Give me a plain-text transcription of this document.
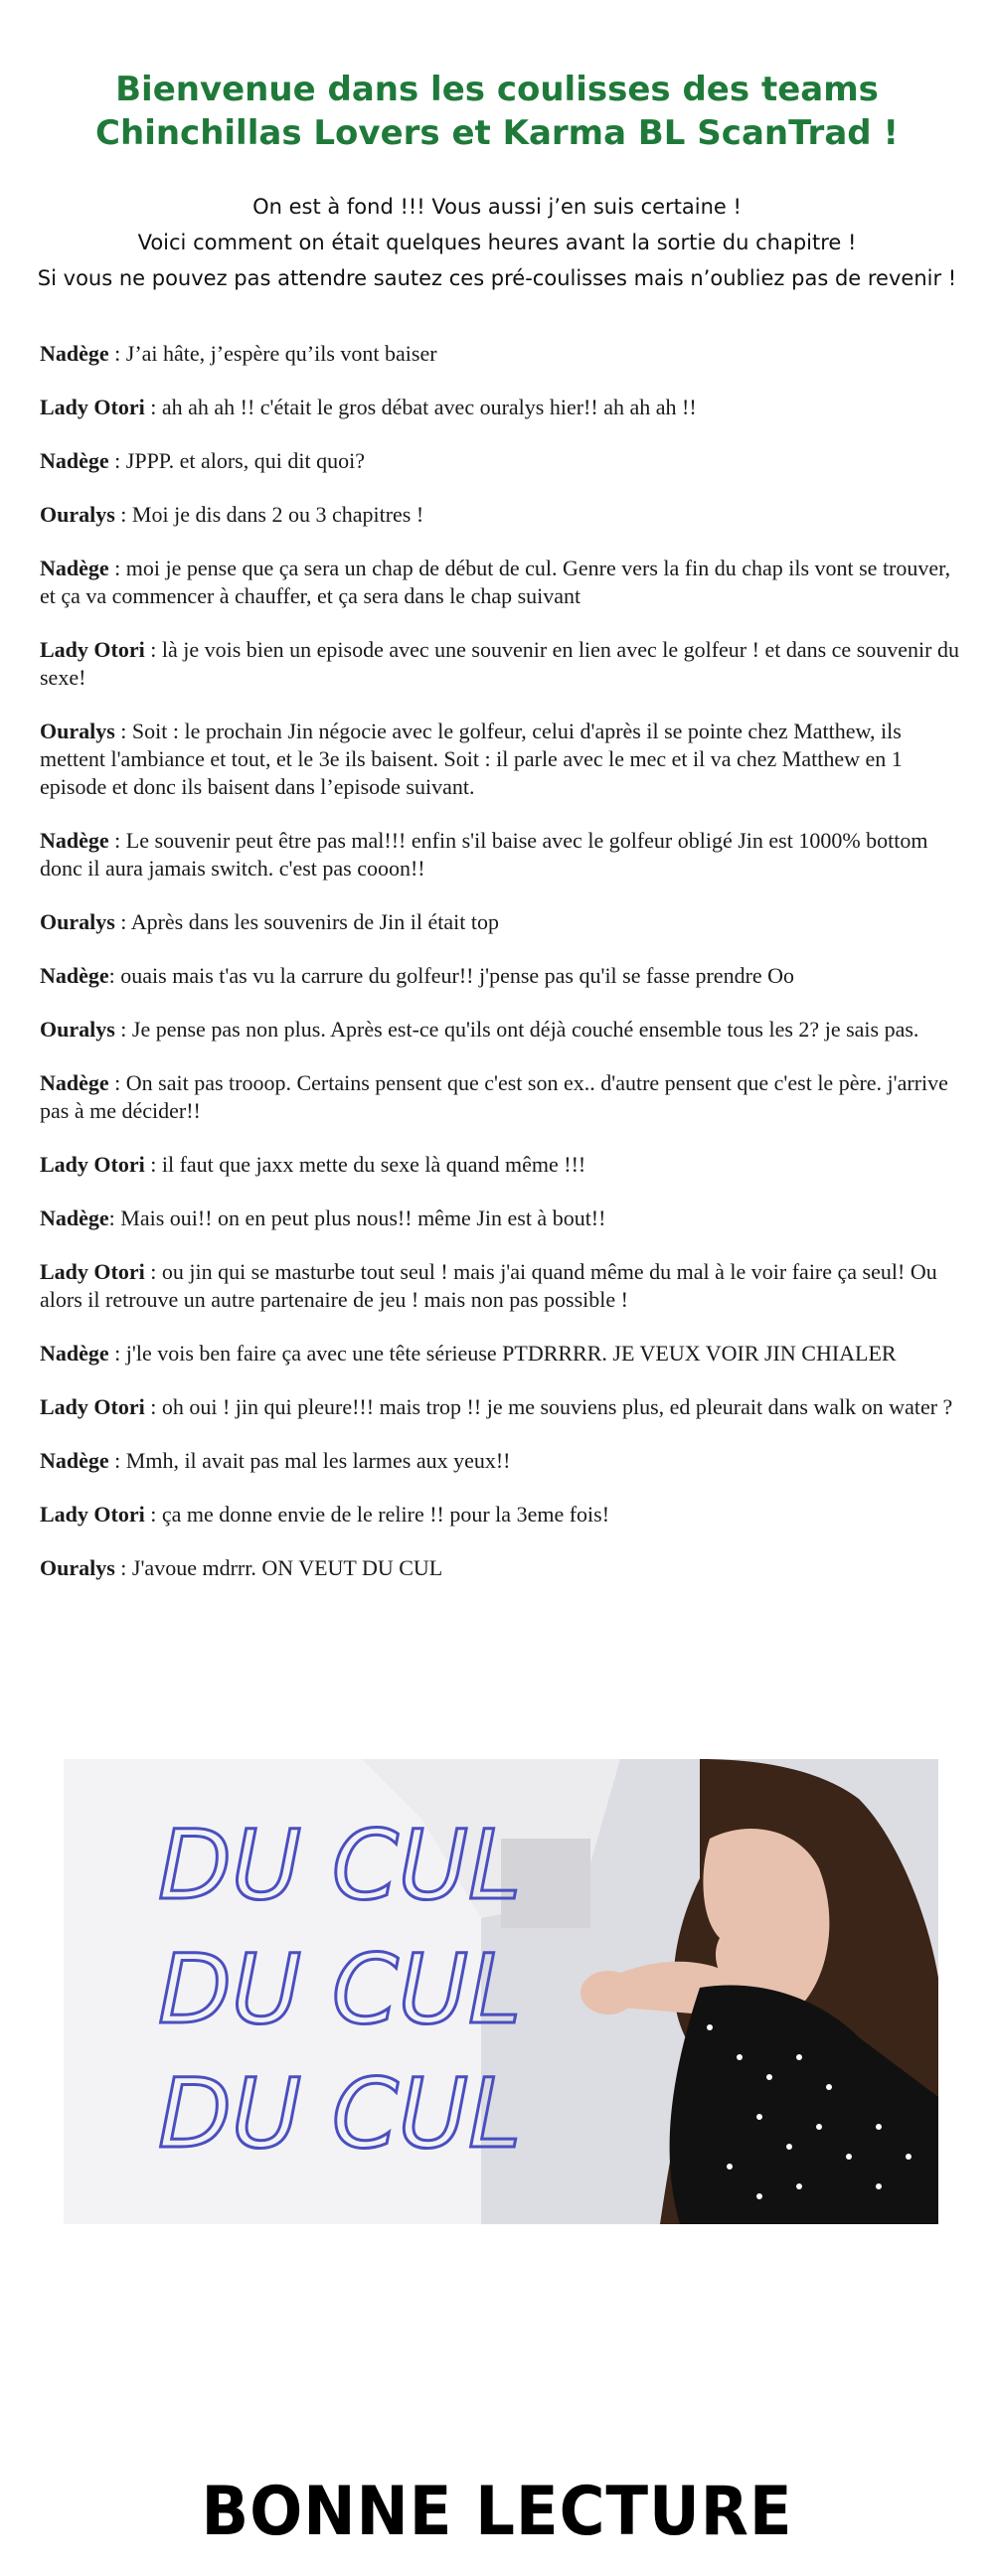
Bienvenue dans les coulisses des teams
Chinchillas Lovers et Karma BL ScanTrad !
On est à fond !!! Vous aussi j’en suis certaine !
Voici comment on était quelques heures avant la sortie du chapitre !
Si vous ne pouvez pas attendre sautez ces pré-coulisses mais n’oubliez pas de revenir !
Nadège : J’ai hâte, j’espère qu’ils vont baiser
Lady Otori : ah ah ah !! c'était le gros débat avec ouralys hier!! ah ah ah !!
Nadège : JPPP. et alors, qui dit quoi?
Ouralys : Moi je dis dans 2 ou 3 chapitres !
Nadège : moi je pense que ça sera un chap de début de cul. Genre vers la fin du chap ils vont se trouver, et ça va commencer à chauffer, et ça sera dans le chap suivant
Lady Otori : là je vois bien un episode avec une souvenir en lien avec le golfeur ! et dans ce souvenir du sexe!
Ouralys : Soit : le prochain Jin négocie avec le golfeur, celui d'après il se pointe chez Matthew, ils mettent l'ambiance et tout, et le 3e ils baisent. Soit : il parle avec le mec et il va chez Matthew en 1 episode et donc ils baisent dans l’episode suivant.
Nadège : Le souvenir peut être pas mal!!! enfin s'il baise avec le golfeur obligé Jin est 1000% bottom donc il aura jamais switch. c'est pas cooon!!
Ouralys : Après dans les souvenirs de Jin il était top
Nadège: ouais mais t'as vu la carrure du golfeur!! j'pense pas qu'il se fasse prendre Oo
Ouralys : Je pense pas non plus. Après est-ce qu'ils ont déjà couché ensemble tous les 2? je sais pas.
Nadège : On sait pas trooop. Certains pensent que c'est son ex.. d'autre pensent que c'est le père. j'arrive pas à me décider!!
Lady Otori : il faut que jaxx mette du sexe là quand même !!!
Nadège: Mais oui!! on en peut plus nous!! même Jin est à bout!!
Lady Otori : ou jin qui se masturbe tout seul ! mais j'ai quand même du mal à le voir faire ça seul! Ou alors il retrouve un autre partenaire de jeu ! mais non pas possible !
Nadège : j'le vois ben faire ça avec une tête sérieuse PTDRRRR. JE VEUX VOIR JIN CHIALER
Lady Otori : oh oui ! jin qui pleure!!! mais trop !! je me souviens plus, ed pleurait dans walk on water ?
Nadège : Mmh, il avait pas mal les larmes aux yeux!!
Lady Otori : ça me donne envie de le relire !! pour la 3eme fois!
Ouralys : J'avoue mdrrr. ON VEUT DU CUL
DU CUL
DU CUL
DU CUL
BONNE LECTURE
